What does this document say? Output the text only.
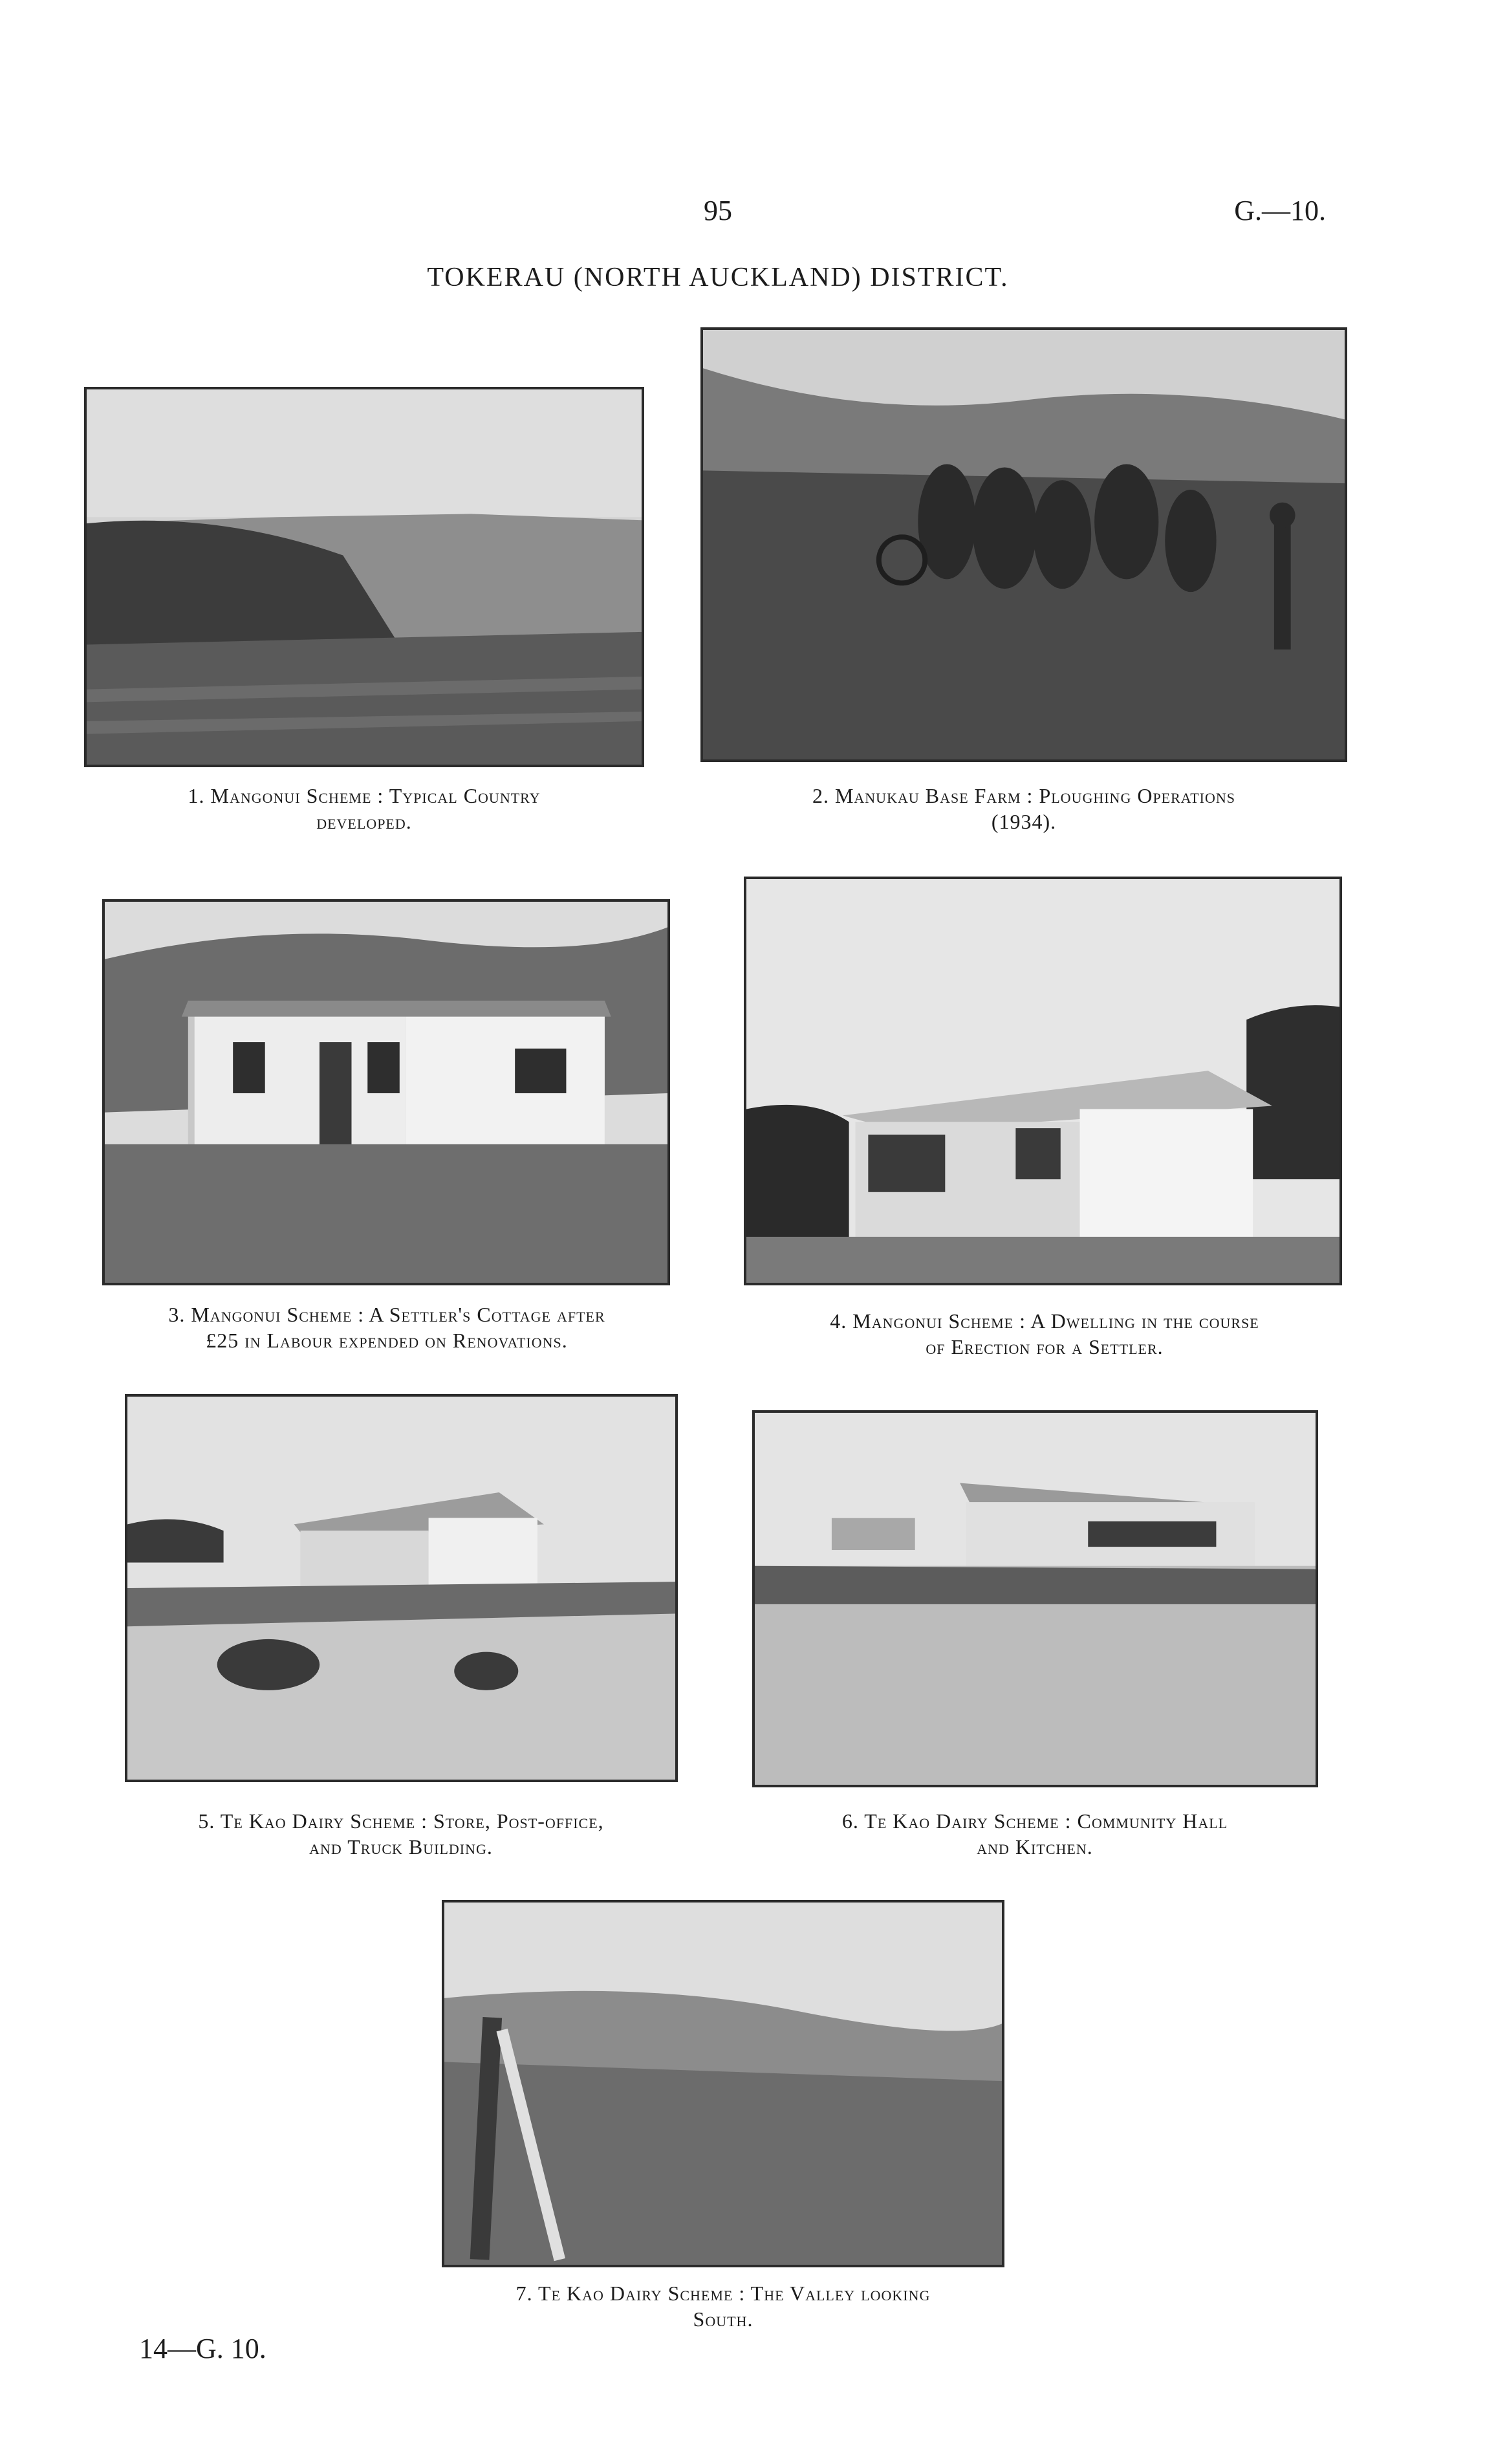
95	G.—10.
TOKERAU (NORTH AUCKLAND) DISTRICT.
1. Mangonui Scheme : Typical Country
developed.
2. Manukau Base Farm : Ploughing Operations
(1934).
3. Mangonui Scheme : A Settler's Cottage after
£25 in Labour expended on Renovations.
4. Mangonui Scheme : A Dwelling in the course
of Erection for a Settler.
5. Te Kao Dairy Scheme : Store, Post-office,
and Truck Building.
6. Te Kao Dairy Scheme : Community Hall
and Kitchen.
7. Te Kao Dairy Scheme : The Valley looking
South.
14—G. 10.
